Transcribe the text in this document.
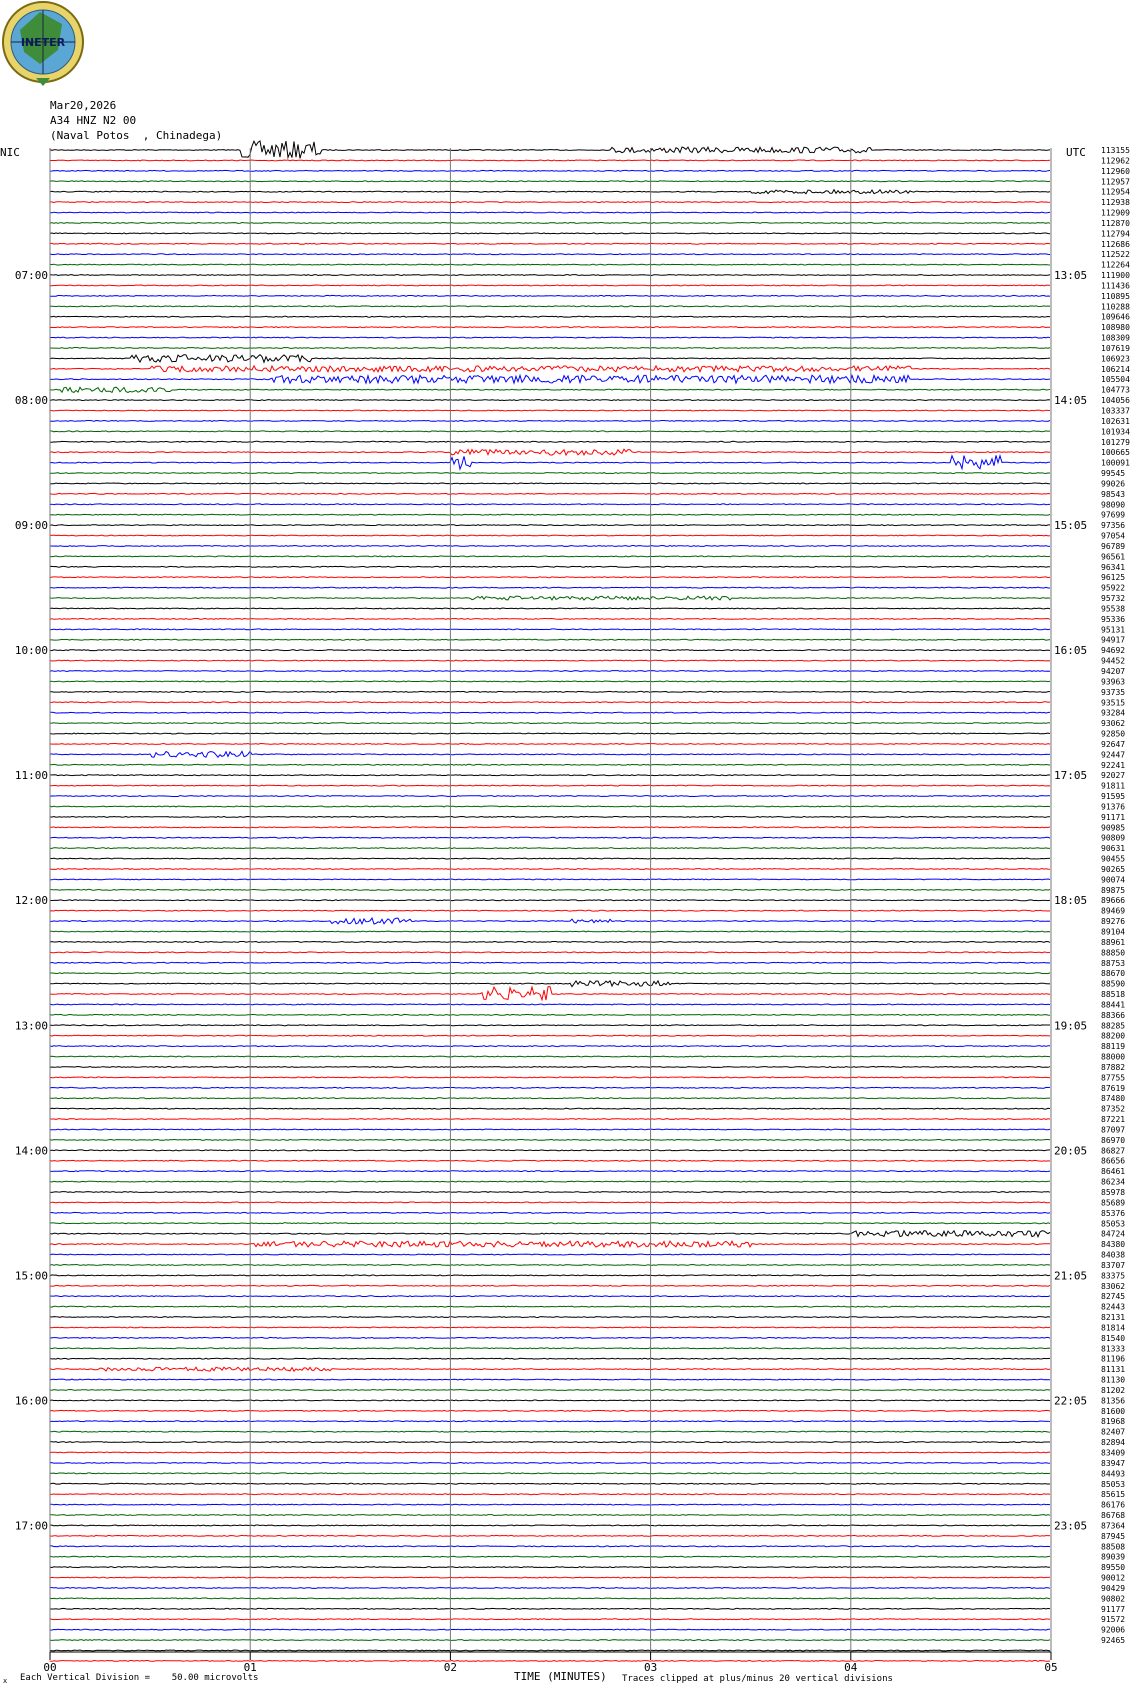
INETER
Mar20,2026
A34 HNZ N2 00
(Naval Potos  , Chinadega)
00	01	02	03	04	05
NIC	UTC
07:00
08:00
09:00
10:00
11:00
12:00
13:00
14:00
15:00
16:00
17:00
13:05
14:05
15:05
16:05
17:05
18:05
19:05
20:05
21:05
22:05
23:05
113155
112962
112960
112957
112954
112938
112909
112870
112794
112686
112522
112264
111900
111436
110895
110288
109646
108980
108309
107619
106923
106214
105504
104773
104056
103337
102631
101934
101279
100665
100091
99545
99026
98543
98090
97699
97356
97054
96789
96561
96341
96125
95922
95732
95538
95336
95131
94917
94692
94452
94207
93963
93735
93515
93284
93062
92850
92647
92447
92241
92027
91811
91595
91376
91171
90985
90809
90631
90455
90265
90074
89875
89666
89469
89276
89104
88961
88850
88753
88670
88590
88518
88441
88366
88285
88200
88119
88000
87882
87755
87619
87480
87352
87221
87097
86970
86827
86656
86461
86234
85978
85689
85376
85053
84724
84380
84038
83707
83375
83062
82745
82443
82131
81814
81540
81333
81196
81131
81130
81202
81356
81600
81968
82407
82894
83409
83947
84493
85053
85615
86176
86768
87364
87945
88508
89039
89550
90012
90429
90802
91177
91572
92006
92465
TIME (MINUTES)
x Each Vertical Division =    50.00 microvolts	Traces clipped at plus/minus 20 vertical divisions
